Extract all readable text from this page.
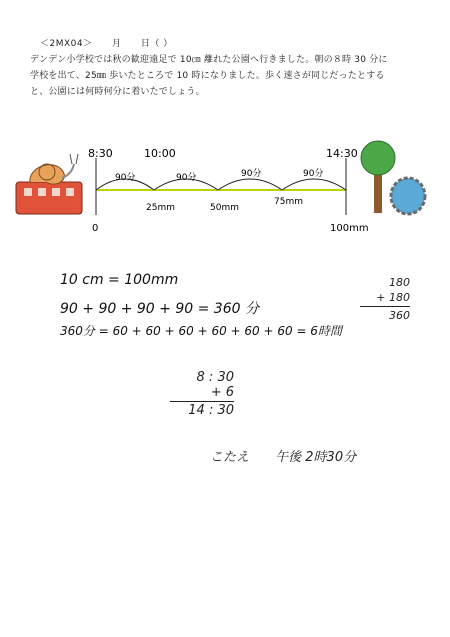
＜2MX04＞ 月 日（ ）

デンデン小学校では秋の歓迎遠足で 10㎝ 離れた公園へ行きました。朝の８時 30 分に

学校を出て、25㎜ 歩いたところで 10 時になりました。歩く速さが同じだったとする

と、公園には何時何分に着いたでしょう。

8:30	10:00	14:30
90分	90分	90分	90分
25mm	50mm
75mm
0	100mm
10 cm = 100mm
90 + 90 + 90 + 90 = 360 分
360分 = 60 + 60 + 60 + 60 + 60 + 60 = 6時間
180
+ 180
360
8 : 30
+ 6
14 : 30
こたえ 午後 2時30分
